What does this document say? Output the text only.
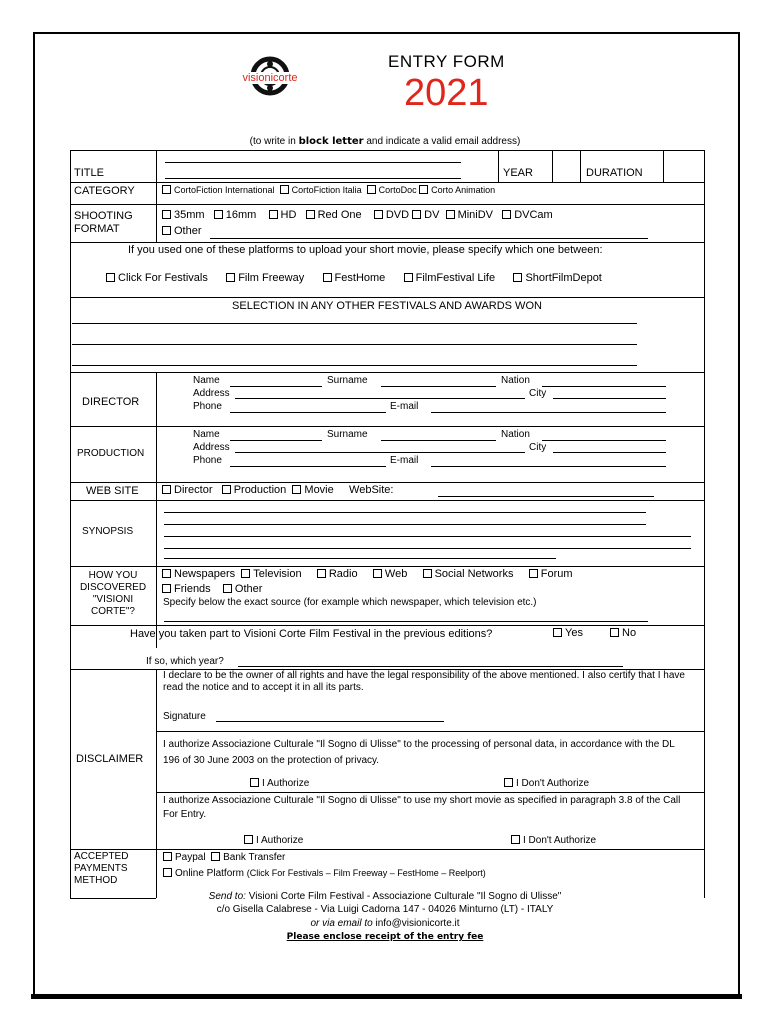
visionicorte
ENTRY FORM
2021
(to write in block letter and indicate a valid email address)
TITLE	YEAR	DURATION
CATEGORY	CortoFiction International CortoFiction Italia CortoDoc Corto Animation
SHOOTING FORMAT
35mm 16mm HD Red One DVD DV MiniDV DVCam
Other
If you used one of these platforms to upload your short movie, please specify which one between:
Click For Festivals	Film Freeway	FestHome	FilmFestival Life	ShortFilmDepot
SELECTION IN ANY OTHER FESTIVALS AND AWARDS WON
DIRECTOR
Name	Surname	Nation
Address	City
Phone	E-mail
PRODUCTION
Name	Surname	Nation
Address	City
Phone	E-mail
WEB SITE	Director Production Movie WebSite:
SYNOPSIS
HOW YOU DISCOVERED "VISIONI CORTE"?
Newspapers Television Radio Web Social Networks Forum
Friends Other
Specify below the exact source (for example which newspaper, which television etc.)
Have you taken part to Visioni Corte Film Festival in the previous editions?	Yes	No
If so, which year?
DISCLAIMER
I declare to be the owner of all rights and have the legal responsibility of the above mentioned. I also certify that I have read the notice and to accept it in all its parts.
Signature
I authorize Associazione Culturale "Il Sogno di Ulisse" to the processing of personal data, in accordance with the DL 196 of 30 June 2003 on the protection of privacy.
I Authorize	I Don't Authorize
I authorize Associazione Culturale "Il Sogno di Ulisse" to use my short movie as specified in paragraph 3.8 of the Call For Entry.
I Authorize	I Don't Authorize
ACCEPTED PAYMENTS METHOD
Paypal Bank Transfer
Online Platform (Click For Festivals – Film Freeway – FestHome – Reelport)
Send to: Visioni Corte Film Festival - Associazione Culturale "Il Sogno di Ulisse"
c/o Gisella Calabrese - Via Luigi Cadorna 147 - 04026 Minturno (LT) - ITALY
or via email to info@visionicorte.it
Please enclose receipt of the entry fee
